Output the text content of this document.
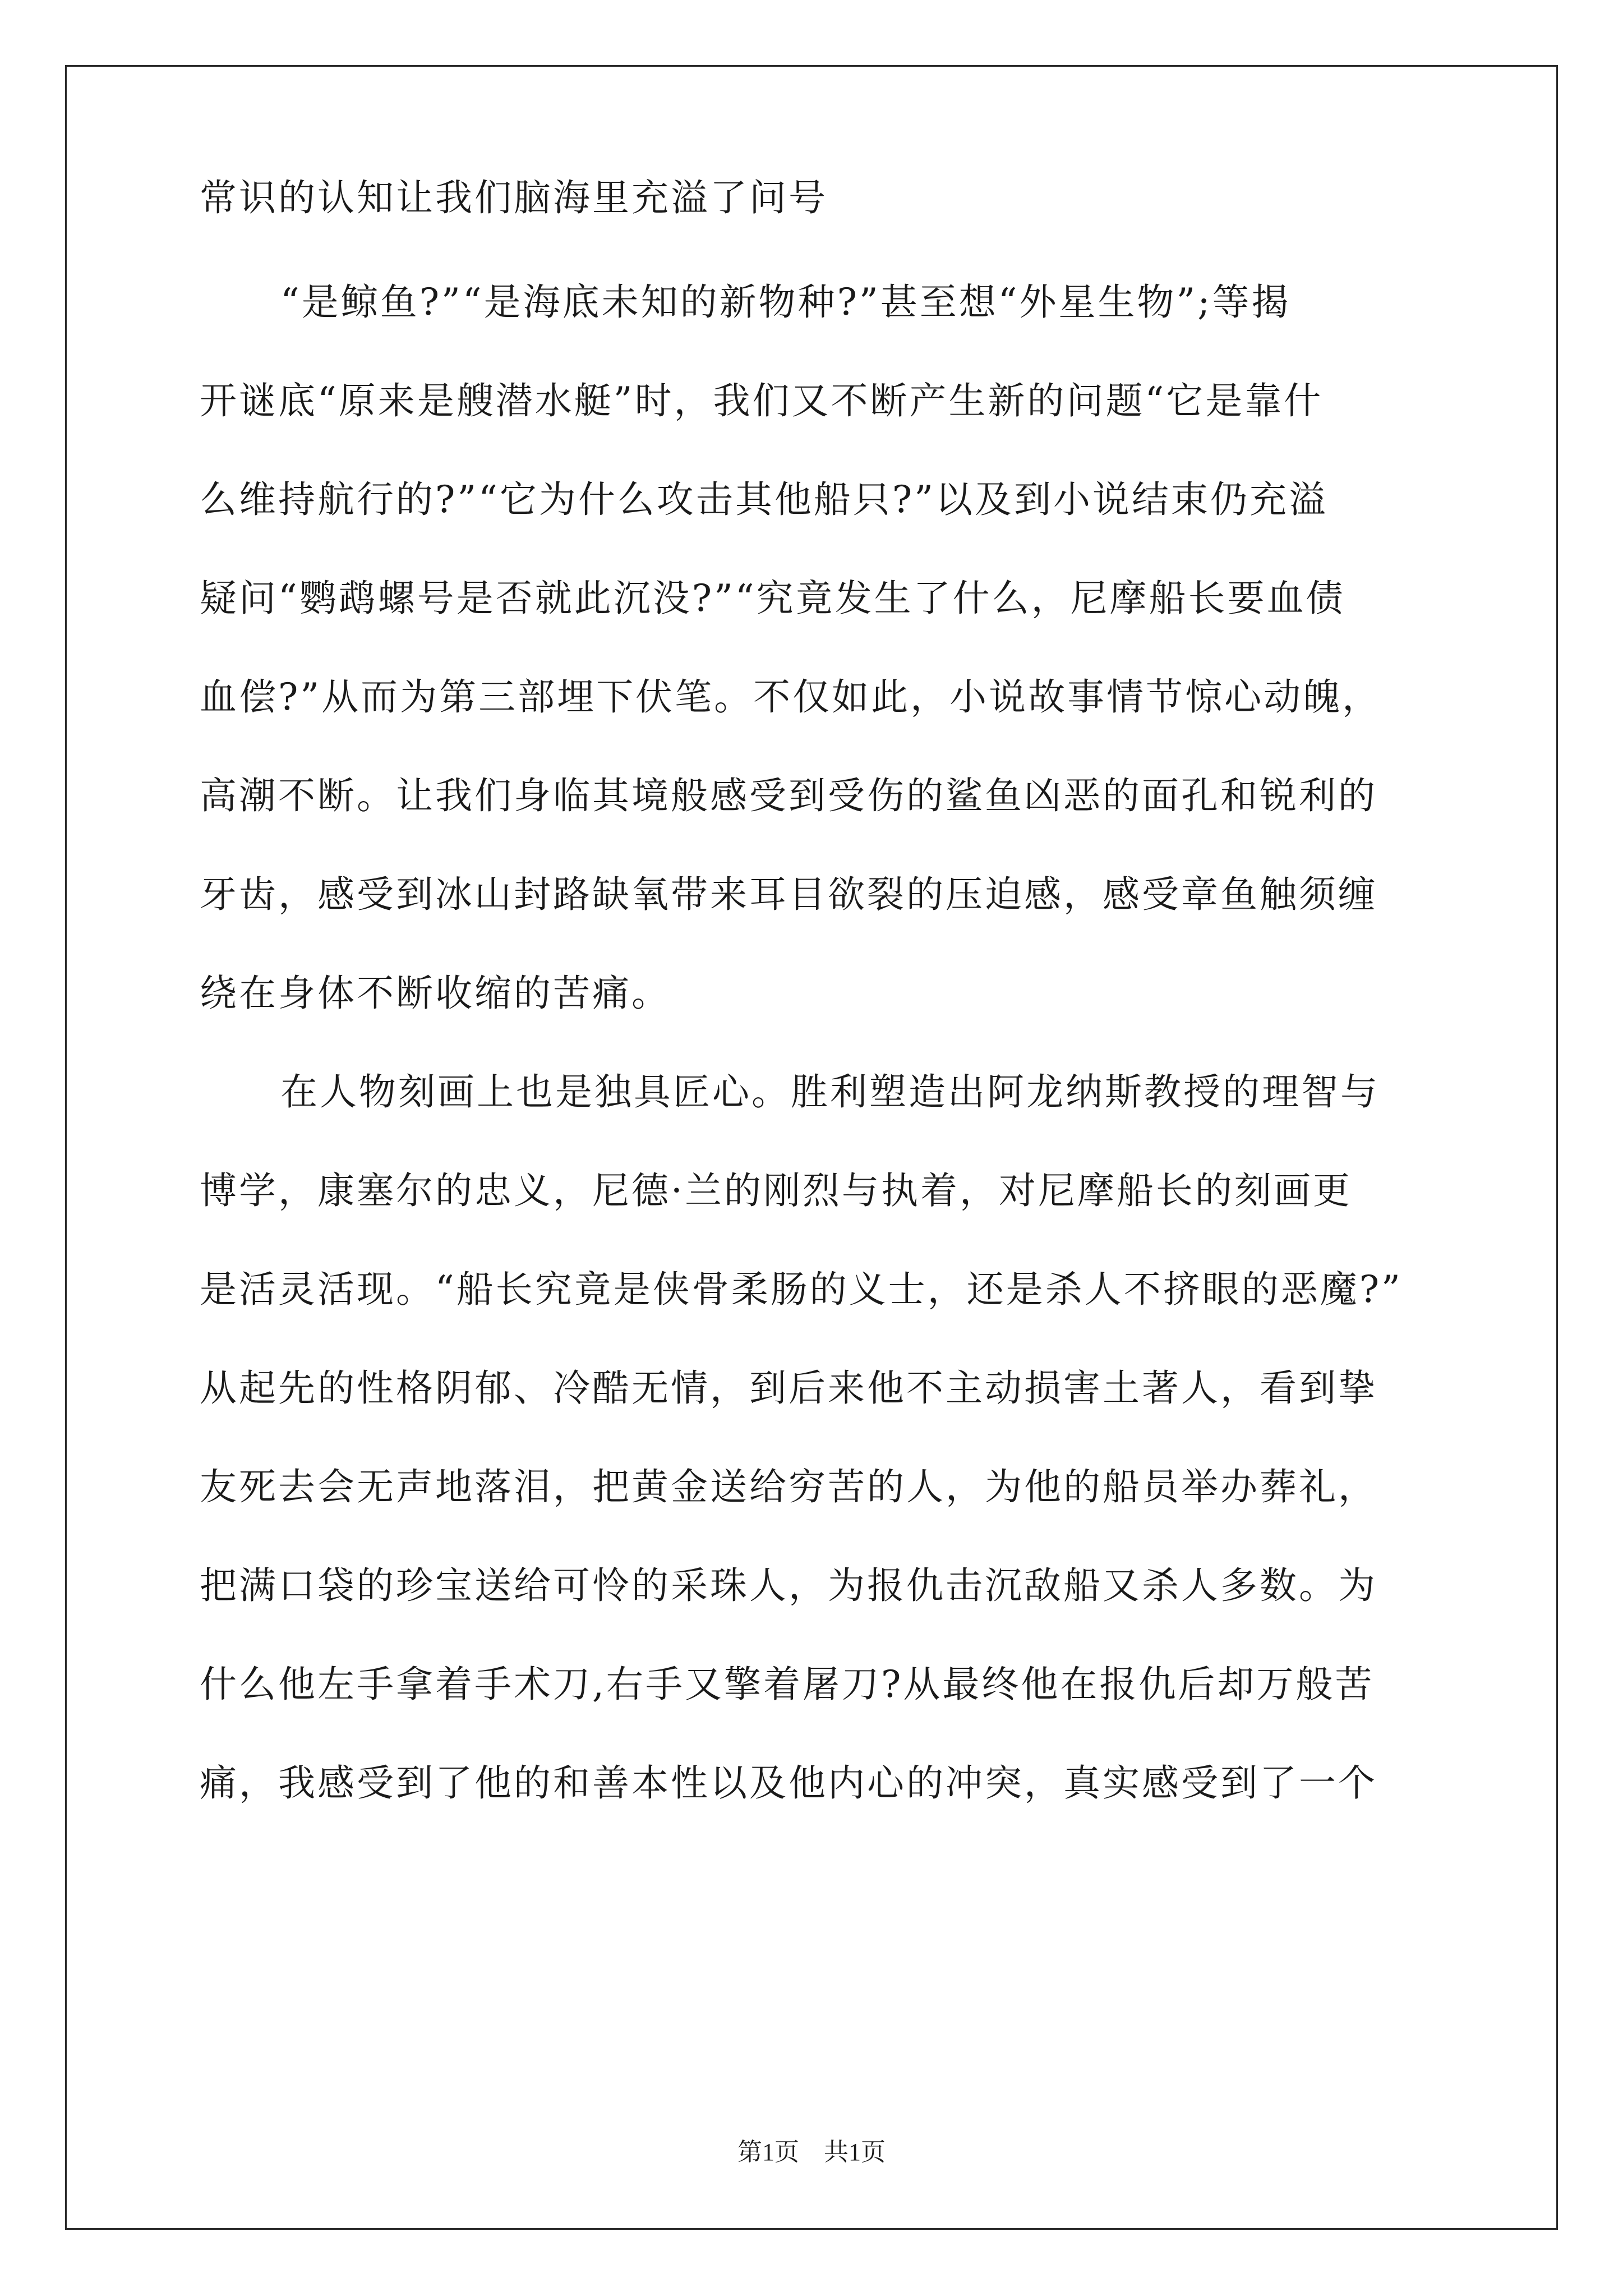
常识的认知让我们脑海里充溢了问号
“是鲸鱼?”“是海底未知的新物种?”甚至想“外星生物”;等揭
开谜底“原来是艘潜水艇”时，我们又不断产生新的问题“它是靠什
么维持航行的?”“它为什么攻击其他船只?”以及到小说结束仍充溢
疑问“鹦鹉螺号是否就此沉没?”“究竟发生了什么，尼摩船长要血债
血偿?”从而为第三部埋下伏笔。不仅如此，小说故事情节惊心动魄，
高潮不断。让我们身临其境般感受到受伤的鲨鱼凶恶的面孔和锐利的
牙齿，感受到冰山封路缺氧带来耳目欲裂的压迫感，感受章鱼触须缠
绕在身体不断收缩的苦痛。
在人物刻画上也是独具匠心。胜利塑造出阿龙纳斯教授的理智与
博学，康塞尔的忠义，尼德·兰的刚烈与执着，对尼摩船长的刻画更
是活灵活现。“船长究竟是侠骨柔肠的义士，还是杀人不挤眼的恶魔?”
从起先的性格阴郁、冷酷无情，到后来他不主动损害土著人，看到挚
友死去会无声地落泪，把黄金送给穷苦的人，为他的船员举办葬礼，
把满口袋的珍宝送给可怜的采珠人，为报仇击沉敌船又杀人多数。为
什么他左手拿着手术刀,右手又擎着屠刀?从最终他在报仇后却万般苦
痛，我感受到了他的和善本性以及他内心的冲突，真实感受到了一个
第1页　共1页
